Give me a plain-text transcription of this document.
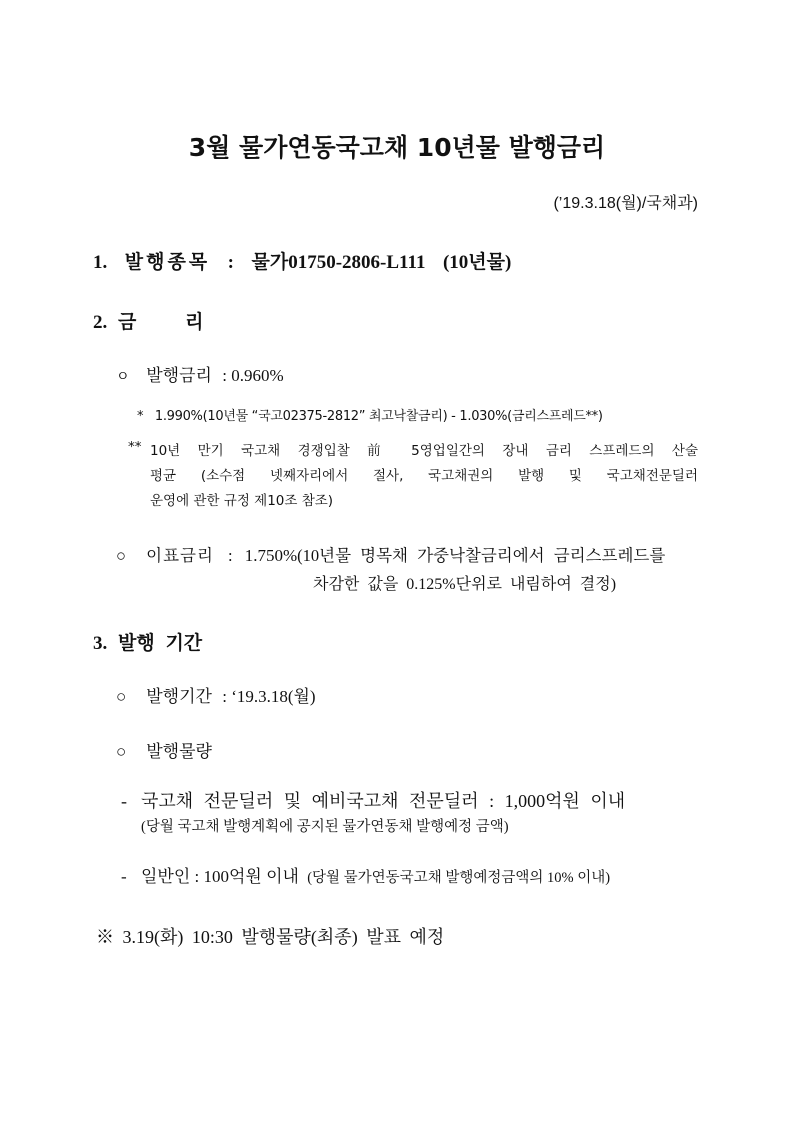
3월 물가연동국고채 10년물 발행금리
(’19.3.18(월)/국채과)
1. 발행종목 : 물가01750-2806-L111 (10년물)
2. 금	리
ㅇ 발행금리 : 0.960%
* 1.990%(10년물 “국고02375-2812” 최고낙찰금리) - 1.030%(금리스프레드**)
** 10년 만기 국고채 경쟁입찰 前 5영업일간의 장내 금리 스프레드의 산술
평균 (소수점 넷째자리에서 절사, 국고채권의 발행 및 국고채전문딜러
운영에 관한 규정 제10조 참조)
○ 이표금리 : 1.750%(10년물 명목채 가중낙찰금리에서 금리스프레드를
차감한 값을 0.125%단위로 내림하여 결정)
3. 발행 기간
○ 발행기간 : ‘19.3.18(월)
○ 발행물량
- 국고채 전문딜러 및 예비국고채 전문딜러 : 1,000억원 이내
(당월 국고채 발행계획에 공지된 물가연동채 발행예정 금액)
- 일반인 : 100억원 이내 (당월 물가연동국고채 발행예정금액의 10% 이내)
※ 3.19(화) 10:30 발행물량(최종) 발표 예정
